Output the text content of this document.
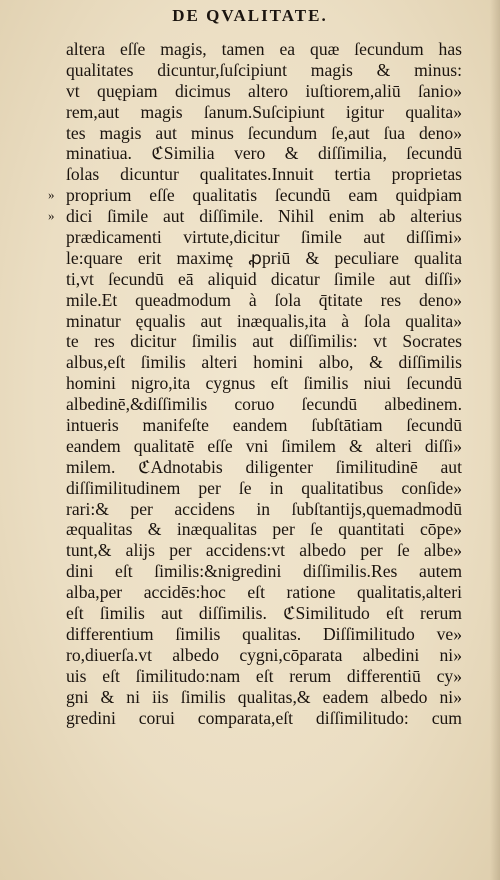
DE QVALITATE.
»
»
altera eſſe magis, tamen ea quæ ſecundum has
qualitates dicuntur,ſuſcipiunt magis & minus:
vt quępiam dicimus altero iuſtiorem,aliū ſanio»
rem,aut magis ſanum.Suſcipiunt igitur qualita»
tes magis aut minus ſecundum ſe,aut ſua deno»
minatiua. ℭSimilia vero & diſſimilia, ſecundū
ſolas dicuntur qualitates.Innuit tertia proprietas
proprium eſſe qualitatis ſecundū eam quidpiam
dici ſimile aut diſſimile. Nihil enim ab alterius
prædicamenti virtute,dicitur ſimile aut diſſimi»
le:quare erit maximę ꝓpriū & peculiare qualita
ti,vt ſecundū eā aliquid dicatur ſimile aut diſſi»
mile.Et queadmodum à ſola q̄titate res deno»
minatur ęqualis aut inæqualis,ita à ſola qualita»
te res dicitur ſimilis aut diſſimilis: vt Socrates
albus,eſt ſimilis alteri homini albo, & diſſimilis
homini nigro,ita cygnus eſt ſimilis niui ſecundū
albedinē,&diſſimilis coruo ſecundū albedinem.
intueris manifeſte eandem ſubſtātiam ſecundū
eandem qualitatē eſſe vni ſimilem & alteri diſſi»
milem. ℭAdnotabis diligenter ſimilitudinē aut
diſſimilitudinem per ſe in qualitatibus conſide»
rari:& per accidens in ſubſtantijs,quemadmodū
æqualitas & inæqualitas per ſe quantitati cōpe»
tunt,& aliјs per accidens:vt albedo per ſe albe»
dini eſt ſimilis:&nigredini diſſimilis.Res autem
alba,per accidēs:hoc eſt ratione qualitatis,alteri
eſt ſimilis aut diſſimilis. ℭSimilitudo eſt rerum
differentium ſimilis qualitas. Diſſimilitudo ve»
ro,diuerſa.vt albedo cygni,cōparata albedini ni»
uis eſt ſimilitudo:nam eſt rerum differentiū cy»
gni & ni iis ſimilis qualitas,& eadem albedo ni»
gredini corui comparata,eſt diſſimilitudo: cum
